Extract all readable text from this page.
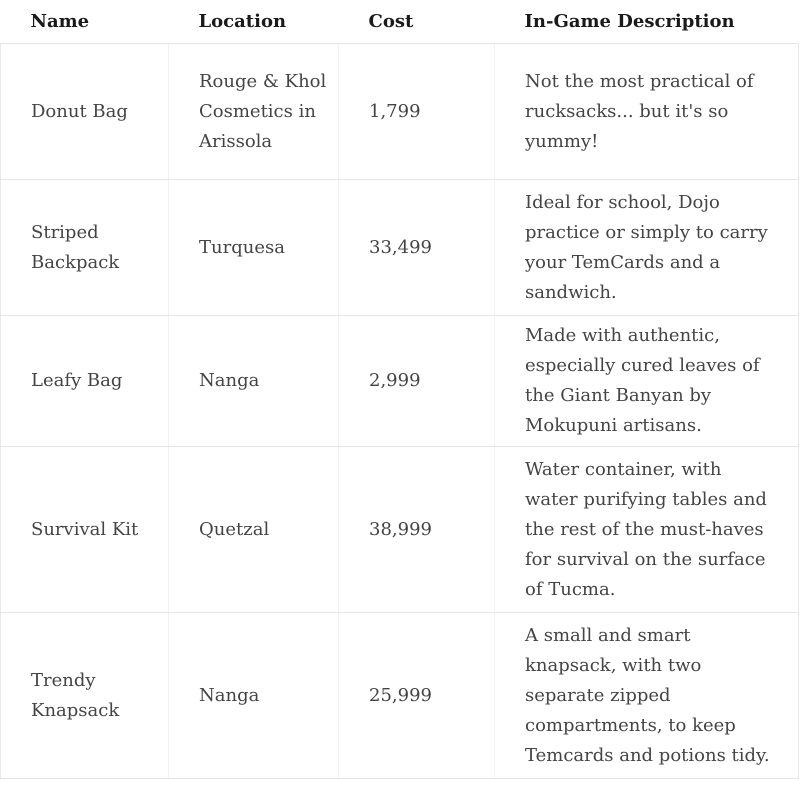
Name	Location	Cost	In-Game Description
Donut Bag	Rouge & Khol Cosmetics in Arissola	1,799	Not the most practical of rucksacks... but it's so yummy!
Striped Backpack	Turquesa	33,499	Ideal for school, Dojo practice or simply to carry your TemCards and a sandwich.
Leafy Bag	Nanga	2,999	Made with authentic, especially cured leaves of the Giant Banyan by Mokupuni artisans.
Survival Kit	Quetzal	38,999	Water container, with water purifying tables and the rest of the must-haves for survival on the surface of Tucma.
Trendy Knapsack	Nanga	25,999	A small and smart knapsack, with two separate zipped compartments, to keep Temcards and potions tidy.
